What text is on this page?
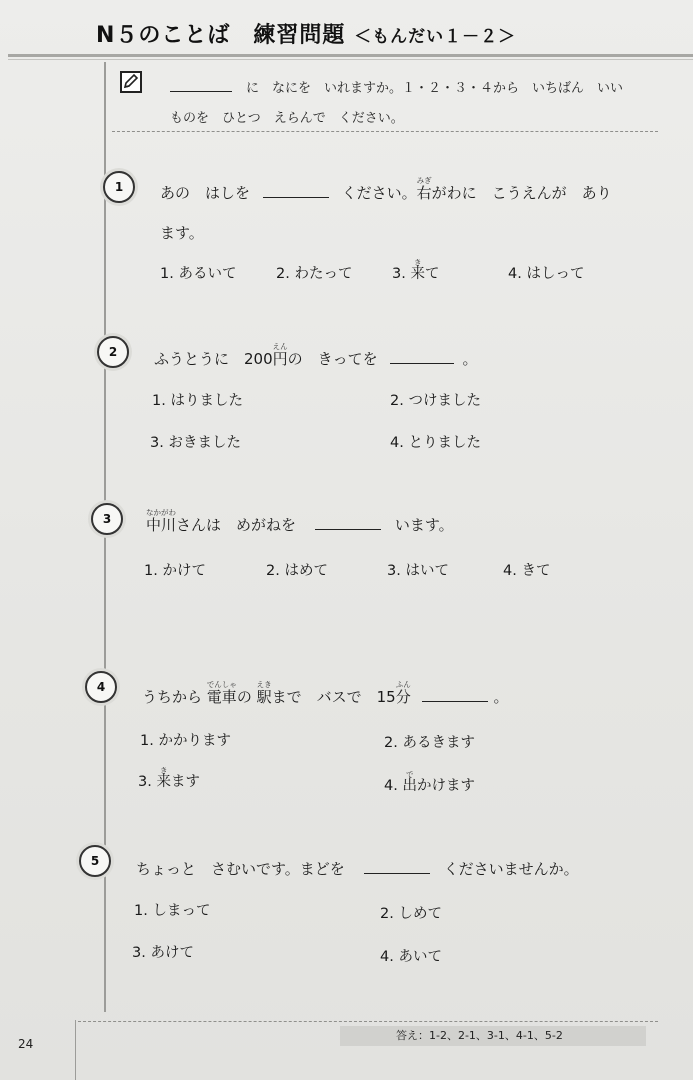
N５のことば　練習問題 ＜もんだい１－２＞
に　なにを　いれますか。１・２・３・４から　いちばん　いい
ものを　ひとつ　えらんで　ください。
1	あの　はしを	ください。右みぎがわに　こうえんが　あり
ます。
1. あるいて	2. わたって	3. 来きて	4. はしって
2	ふうとうに　200円えんの　きってを	。
1. はりました	2. つけました
3. おきました	4. とりました
3	中川なかがわさんは　めがねを	います。
1. かけて	2. はめて	3. はいて	4. きて
4
うちから 電車でんしゃの 駅えきまで　バスで　15分ふん 。
1. かかります	2. あるきます
3. 来きます	4. 出でかけます
5	ちょっと　さむいです。まどを	くださいませんか。
1. しまって	2. しめて
3. あけて	4. あいて
24
答え：1-2、2-1、3-1、4-1、5-2
